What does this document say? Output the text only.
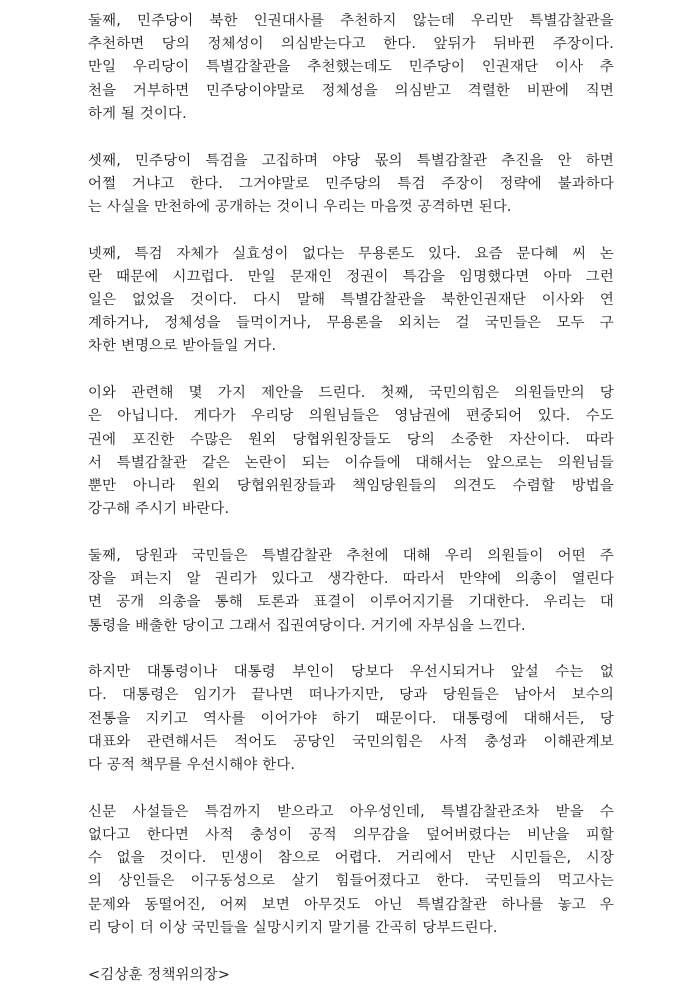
둘째, 민주당이 북한 인권대사를 추천하지 않는데 우리만 특별감찰관을
추천하면 당의 정체성이 의심받는다고 한다. 앞뒤가 뒤바뀐 주장이다.
만일 우리당이 특별감찰관을 추천했는데도 민주당이 인권재단 이사 추
천을 거부하면 민주당이야말로 정체성을 의심받고 격렬한 비판에 직면
하게 될 것이다.
셋째, 민주당이 특검을 고집하며 야당 몫의 특별감찰관 추진을 안 하면
어쩔 거냐고 한다. 그거야말로 민주당의 특검 주장이 정략에 불과하다
는 사실을 만천하에 공개하는 것이니 우리는 마음껏 공격하면 된다.
넷째, 특검 자체가 실효성이 없다는 무용론도 있다. 요즘 문다혜 씨 논
란 때문에 시끄럽다. 만일 문재인 정권이 특감을 임명했다면 아마 그런
일은 없었을 것이다. 다시 말해 특별감찰관을 북한인권재단 이사와 연
계하거나, 정체성을 들먹이거나, 무용론을 외치는 걸 국민들은 모두 구
차한 변명으로 받아들일 거다.
이와 관련해 몇 가지 제안을 드린다. 첫째, 국민의힘은 의원들만의 당
은 아닙니다. 게다가 우리당 의원님들은 영남권에 편중되어 있다. 수도
권에 포진한 수많은 원외 당협위원장들도 당의 소중한 자산이다. 따라
서 특별감찰관 같은 논란이 되는 이슈들에 대해서는 앞으로는 의원님들
뿐만 아니라 원외 당협위원장들과 책임당원들의 의견도 수렴할 방법을
강구해 주시기 바란다.
둘째, 당원과 국민들은 특별감찰관 추천에 대해 우리 의원들이 어떤 주
장을 펴는지 알 권리가 있다고 생각한다. 따라서 만약에 의총이 열린다
면 공개 의총을 통해 토론과 표결이 이루어지기를 기대한다. 우리는 대
통령을 배출한 당이고 그래서 집권여당이다. 거기에 자부심을 느낀다.
하지만 대통령이나 대통령 부인이 당보다 우선시되거나 앞설 수는 없
다. 대통령은 임기가 끝나면 떠나가지만, 당과 당원들은 남아서 보수의
전통을 지키고 역사를 이어가야 하기 때문이다. 대통령에 대해서든, 당
대표와 관련해서든 적어도 공당인 국민의힘은 사적 충성과 이해관계보
다 공적 책무를 우선시해야 한다.
신문 사설들은 특검까지 받으라고 아우성인데, 특별감찰관조차 받을 수
없다고 한다면 사적 충성이 공적 의무감을 덮어버렸다는 비난을 피할
수 없을 것이다. 민생이 참으로 어렵다. 거리에서 만난 시민들은, 시장
의 상인들은 이구동성으로 살기 힘들어졌다고 한다. 국민들의 먹고사는
문제와 동떨어진, 어찌 보면 아무것도 아닌 특별감찰관 하나를 놓고 우
리 당이 더 이상 국민들을 실망시키지 말기를 간곡히 당부드린다.
<김상훈 정책위의장>
